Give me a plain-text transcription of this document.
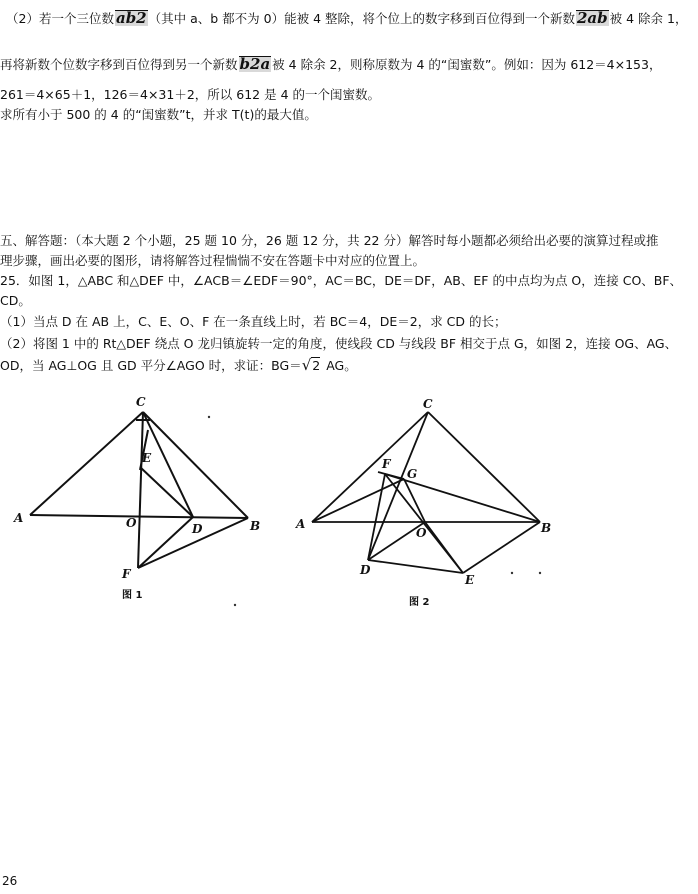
（2）若一个三位数 ab2 （其中 a、b 都不为 0）能被 4 整除，将个位上的数字移到百位得到一个新数 2ab 被 4 除余 1，
再将新数个位数字移到百位得到另一个新数 b2a 被 4 除余 2，则称原数为 4 的“闺蜜数”。例如：因为 612＝4×153，
261＝4×65＋1，126＝4×31＋2，所以 612 是 4 的一个闺蜜数。
求所有小于 500 的 4 的“闺蜜数”t，并求 T(t)的最大值。
五、解答题：（本大题 2 个小题，25 题 10 分，26 题 12 分，共 22 分）解答时每小题都必须给出必要的演算过程或推
理步骤，画出必要的图形，请将解答过程惴惴不安在答题卡中对应的位置上。
25．如图 1，△ABC 和△DEF 中，∠ACB＝∠EDF＝90°，AC＝BC，DE＝DF，AB、EF 的中点均为点 O，连接 CO、BF、
CD。
（1）当点 D 在 AB 上，C、E、O、F 在一条直线上时，若 BC＝4，DE＝2，求 CD 的长；
（2）将图 1 中的 Rt△DEF 绕点 O 龙归镇旋转一定的角度，使线段 CD 与线段 BF 相交于点 G，如图 2，连接 OG、AG、
OD，当 AG⊥OG 且 GD 平分∠AGO 时，求证：BG＝√2 AG。
C
E
A	O	D	B
F
图 1
C
F
G
A
O	B
D
E
图 2
26
